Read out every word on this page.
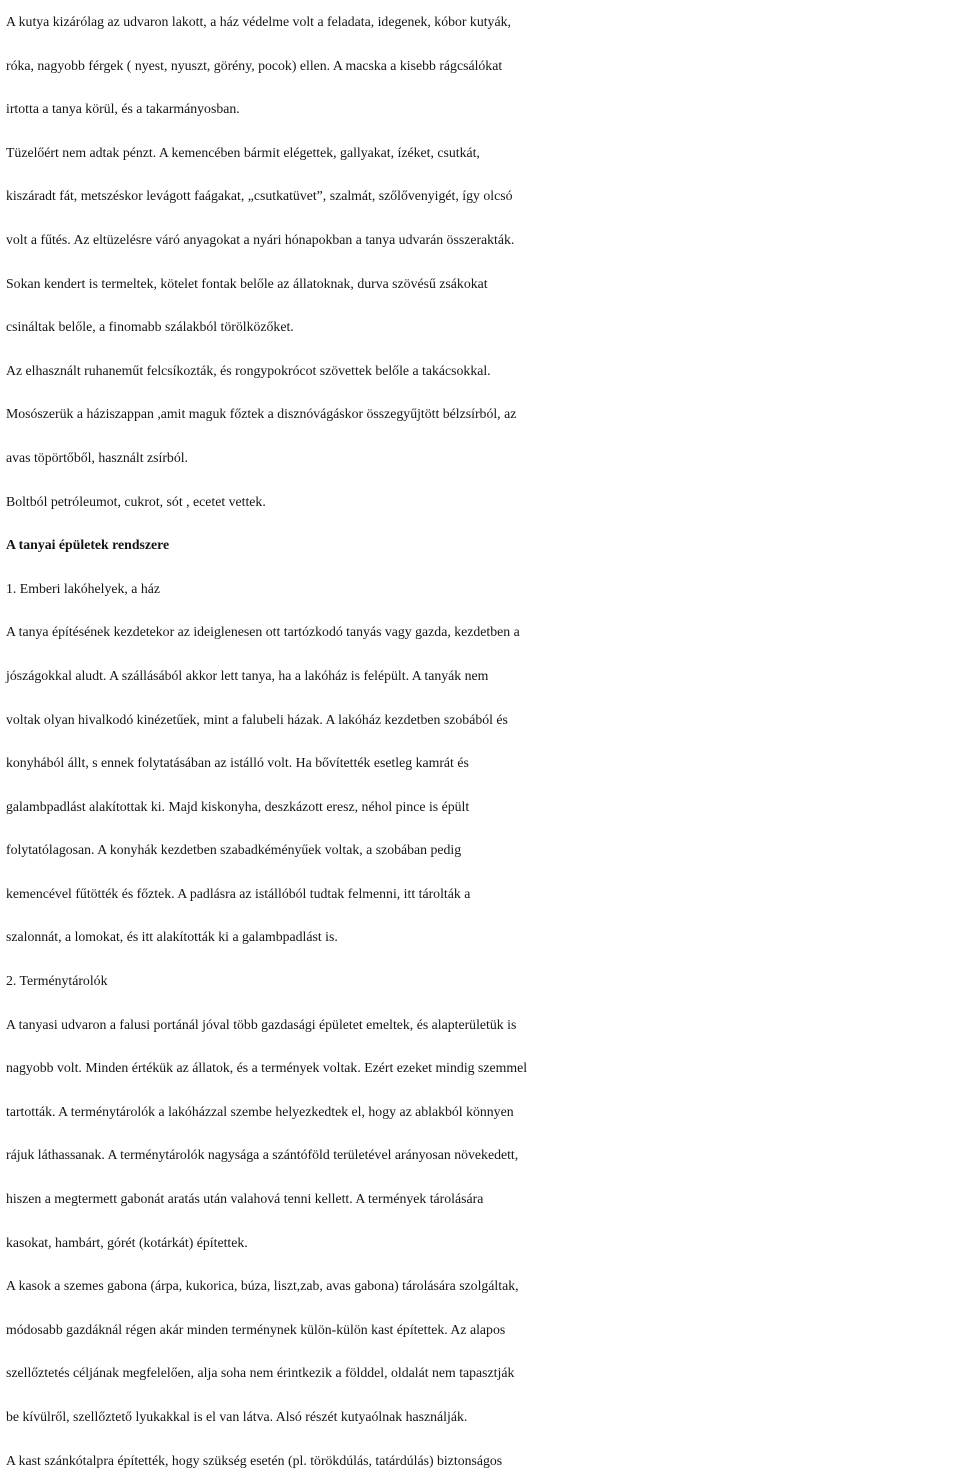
A kutya kizárólag az udvaron lakott, a ház védelme volt a feladata, idegenek, kóbor kutyák,
róka, nagyobb férgek ( nyest, nyuszt, görény, pocok) ellen. A macska a kisebb rágcsálókat
irtotta a tanya körül, és a takarmányosban.
Tüzelőért nem adtak pénzt. A kemencében bármit elégettek, gallyakat, ízéket, csutkát,
kiszáradt fát, metszéskor levágott faágakat, „csutkatüvet”, szalmát, szőlővenyigét, így olcsó
volt a fűtés. Az eltüzelésre váró anyagokat a nyári hónapokban a tanya udvarán összerakták.
Sokan kendert is termeltek, kötelet fontak belőle az állatoknak, durva szövésű zsákokat
csináltak belőle, a finomabb szálakból törölközőket.
Az elhasznált ruhaneműt felcsíkozták, és rongypokrócot szövettek belőle a takácsokkal.
Mosószerük a háziszappan ,amit maguk főztek a disznóvágáskor összegyűjtött bélzsírból, az
avas töpörtőből, használt zsírból.
Boltból petróleumot, cukrot, sót , ecetet vettek.
A tanyai épületek rendszere
1. Emberi lakóhelyek, a ház
A tanya építésének kezdetekor az ideiglenesen ott tartózkodó tanyás vagy gazda, kezdetben a
jószágokkal aludt. A szállásából akkor lett tanya, ha a lakóház is felépült. A tanyák nem
voltak olyan hivalkodó kinézetűek, mint a falubeli házak. A lakóház kezdetben szobából és
konyhából állt, s ennek folytatásában az istálló volt. Ha bővítették esetleg kamrát és
galambpadlást alakítottak ki. Majd kiskonyha, deszkázott eresz, néhol pince is épült
folytatólagosan. A konyhák kezdetben szabadkéményűek voltak, a szobában pedig
kemencével fűtötték és főztek. A padlásra az istállóból tudtak felmenni, itt tárolták a
szalonnát, a lomokat, és itt alakították ki a galambpadlást is.
2. Terménytárolók
A tanyasi udvaron a falusi portánál jóval több gazdasági épületet emeltek, és alapterületük is
nagyobb volt. Minden értékük az állatok, és a termények voltak. Ezért ezeket mindig szemmel
tartották. A terménytárolók a lakóházzal szembe helyezkedtek el, hogy az ablakból könnyen
rájuk láthassanak. A terménytárolók nagysága a szántóföld területével arányosan növekedett,
hiszen a megtermett gabonát aratás után valahová tenni kellett. A termények tárolására
kasokat, hambárt, górét (kotárkát) építettek.
A kasok a szemes gabona (árpa, kukorica, búza, liszt,zab, avas gabona) tárolására szolgáltak,
módosabb gazdáknál régen akár minden terménynek külön-külön kast építettek. Az alapos
szellőztetés céljának megfelelően, alja soha nem érintkezik a földdel, oldalát nem tapasztják
be kívülről, szellőztető lyukakkal is el van látva. Alsó részét kutyaólnak használják.
A kast szánkótalpra építették, hogy szükség esetén (pl. törökdúlás, tatárdúlás) biztonságos
